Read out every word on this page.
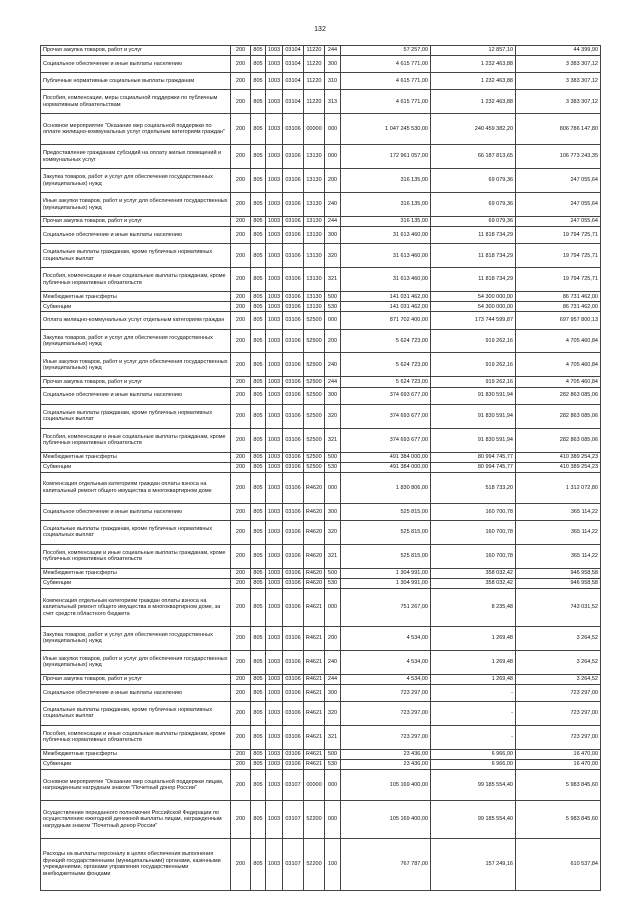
132
Прочая закупка товаров, работ и услуг	200	805	1003	03104	11220	244	57 257,00	12 857,10	44 399,90
Социальное обеспечение и иные выплаты населению	200	805	1003	03104	11220	300	4 615 771,00	1 232 463,88	3 383 307,12
Публичные нормативные социальные выплаты гражданам	200	805	1003	03104	11220	310	4 615 771,00	1 232 463,88	3 383 307,12
Пособия, компенсации, меры социальной поддержки по публичным нормативным обязательствам	200	805	1003	03104	11220	313	4 615 771,00	1 232 463,88	3 383 307,12
Основное мероприятие "Оказание мер социальной поддержки по оплате жилищно-коммунальных услуг отдельным категориям граждан"	200	805	1003	03106	00000	000	1 047 245 530,00	240 459 382,20	806 786 147,80
Предоставление гражданам субсидий на оплату жилых помещений и коммунальных услуг	200	805	1003	03106	13130	000	172 961 057,00	66 187 813,65	106 773 243,35
Закупка товаров, работ и услуг для обеспечения государственных (муниципальных) нужд	200	805	1003	03106	13130	200	316 135,00	69 079,36	247 055,64
Иные закупки товаров, работ и услуг для обеспечения государственных (муниципальных) нужд	200	805	1003	03106	13130	240	316 135,00	69 079,36	247 055,64
Прочая закупка товаров, работ и услуг	200	805	1003	03106	13130	244	316 135,00	69 079,36	247 055,64
Социальное обеспечение и иные выплаты населению	200	805	1003	03106	13130	300	31 613 460,00	11 818 734,29	19 794 725,71
Социальные выплаты гражданам, кроме публичных нормативных социальных выплат	200	805	1003	03106	13130	320	31 613 460,00	11 818 734,29	19 794 725,71
Пособия, компенсации и иные социальные выплаты гражданам, кроме публичных нормативных обязательств	200	805	1003	03106	13130	321	31 613 460,00	11 818 734,29	19 794 725,71
Межбюджетные трансферты	200	805	1003	03106	13130	500	141 031 462,00	54 300 000,00	86 731 462,00
Субвенции	200	805	1003	03106	13130	530	141 031 462,00	54 300 000,00	86 731 462,00
Оплата жилищно-коммунальных услуг отдельным категориям граждан	200	805	1003	03106	52500	000	871 702 400,00	173 744 599,87	697 957 800,13
Закупка товаров, работ и услуг для обеспечения государственных (муниципальных) нужд	200	805	1003	03106	52500	200	5 624 723,00	919 262,16	4 705 460,84
Иные закупки товаров, работ и услуг для обеспечения государственных (муниципальных) нужд	200	805	1003	03106	52500	240	5 624 723,00	919 262,16	4 705 460,84
Прочая закупка товаров, работ и услуг	200	805	1003	03106	52500	244	5 624 723,00	919 262,16	4 705 460,84
Социальное обеспечение и иные выплаты населению	200	805	1003	03106	52500	300	374 693 677,00	91 830 591,94	282 863 085,06
Социальные выплаты гражданам, кроме публичных нормативных социальных выплат	200	805	1003	03106	52500	320	374 693 677,00	91 830 591,94	282 863 085,06
Пособия, компенсации и иные социальные выплаты гражданам, кроме публичных нормативных обязательств	200	805	1003	03106	52500	321	374 693 677,00	91 830 591,94	282 863 085,06
Межбюджетные трансферты	200	805	1003	03106	52500	500	491 384 000,00	80 994 745,77	410 389 254,23
Субвенции	200	805	1003	03106	52500	530	491 384 000,00	80 994 745,77	410 389 254,23
Компенсация отдельным категориям граждан оплаты взноса на капитальный ремонт общего имущества в многоквартирном доме	200	805	1003	03106	R4620	000	1 830 806,00	518 733,20	1 312 072,80
Социальное обеспечение и иные выплаты населению	200	805	1003	03106	R4620	300	525 815,00	160 700,78	365 114,22
Социальные выплаты гражданам, кроме публичных нормативных социальных выплат	200	805	1003	03106	R4620	320	525 815,00	160 700,78	365 114,22
Пособия, компенсации и иные социальные выплаты гражданам, кроме публичных нормативных обязательств	200	805	1003	03106	R4620	321	525 815,00	160 700,78	365 114,22
Межбюджетные трансферты	200	805	1003	03106	R4620	500	1 304 991,00	358 032,42	946 958,58
Субвенции	200	805	1003	03106	R4620	530	1 304 991,00	358 032,42	946 958,58
Компенсация отдельным категориям граждан оплаты взноса на капитальный ремонт общего имущества в многоквартирном доме, за счет средств областного бюджета	200	805	1003	03106	R4621	000	751 267,00	8 235,48	743 031,52
Закупка товаров, работ и услуг для обеспечения государственных (муниципальных) нужд	200	805	1003	03106	R4621	200	4 534,00	1 269,48	3 264,52
Иные закупки товаров, работ и услуг для обеспечения государственных (муниципальных) нужд	200	805	1003	03106	R4621	240	4 534,00	1 269,48	3 264,52
Прочая закупка товаров, работ и услуг	200	805	1003	03106	R4621	244	4 534,00	1 269,48	3 264,52
Социальное обеспечение и иные выплаты населению	200	805	1003	03106	R4621	300	723 297,00	-	723 297,00
Социальные выплаты гражданам, кроме публичных нормативных социальных выплат	200	805	1003	03106	R4621	320	723 297,00	-	723 297,00
Пособия, компенсации и иные социальные выплаты гражданам, кроме публичных нормативных обязательств	200	805	1003	03106	R4621	321	723 297,00	-	723 297,00
Межбюджетные трансферты	200	805	1003	03106	R4621	500	23 436,00	6 966,00	16 470,00
Субвенции	200	805	1003	03106	R4621	530	23 436,00	6 966,00	16 470,00
Основное мероприятие "Оказание мер социальной поддержки лицам, награжденным нагрудным знаком "Почетный донор России"	200	805	1003	03107	00000	000	105 169 400,00	99 185 554,40	5 983 845,60
Осуществление переданного полномочия Российской Федерации по осуществлению ежегодной денежной выплаты лицам, награжденным нагрудным знаком "Почетный донор России"	200	805	1003	03107	52200	000	105 169 400,00	99 185 554,40	5 983 845,60
Расходы на выплаты персоналу в целях обеспечения выполнения функций государственными (муниципальными) органами, казенными учреждениями, органами управления государственными внебюджетными фондами	200	805	1003	03107	52200	100	767 787,00	157 249,16	610 537,84
